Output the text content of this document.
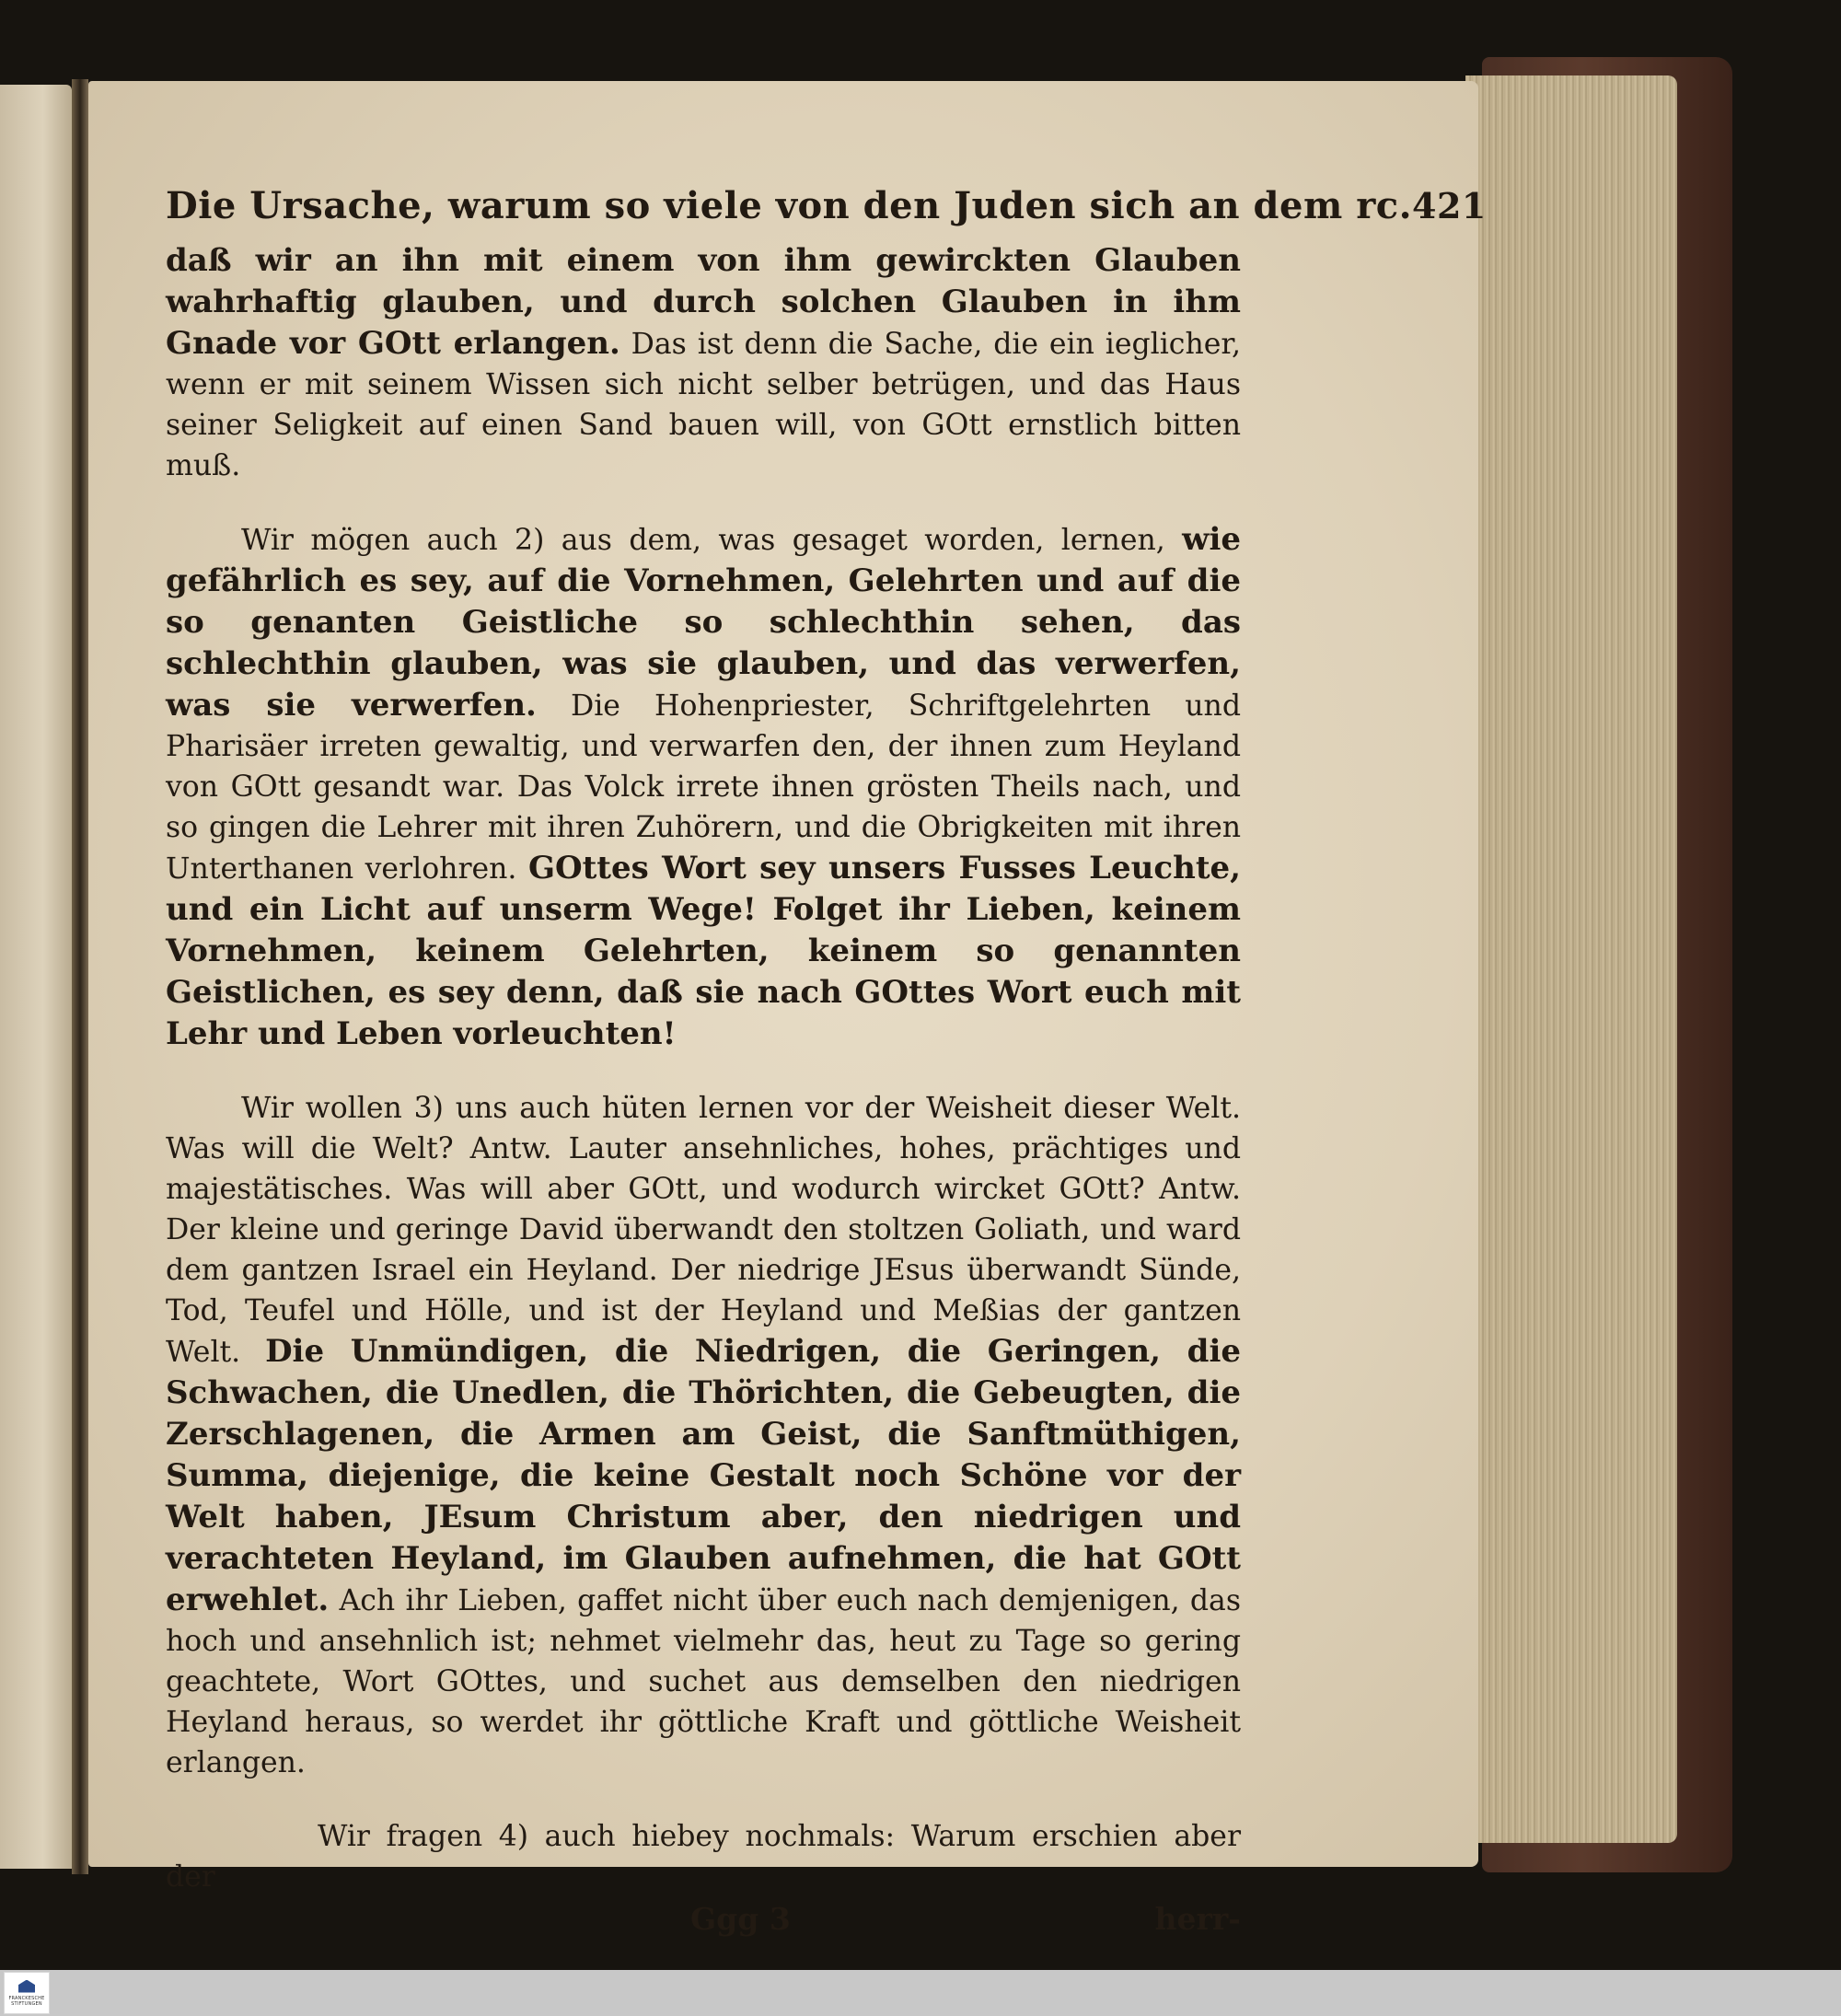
Die Ursache, warum so viele von den Juden sich an dem rc. 421

daß wir an ihn mit einem von ihm gewirckten Glauben wahrhaftig glauben, und durch solchen Glauben in ihm Gnade vor GOtt erlangen. Das ist denn die Sache, die ein ieglicher, wenn er mit seinem Wissen sich nicht selber betrügen, und das Haus seiner Seligkeit auf einen Sand bauen will, von GOtt ernstlich bitten muß.

Wir mögen auch 2) aus dem, was gesaget worden, lernen, wie gefährlich es sey, auf die Vornehmen, Gelehrten und auf die so genanten Geistliche so schlechthin sehen, das schlechthin glauben, was sie glauben, und das verwerfen, was sie verwerfen. Die Hohenpriester, Schriftgelehrten und Pharisäer irreten gewaltig, und verwarfen den, der ihnen zum Heyland von GOtt gesandt war. Das Volck irrete ihnen grösten Theils nach, und so gingen die Lehrer mit ihren Zuhörern, und die Obrigkeiten mit ihren Unterthanen verlohren. GOttes Wort sey unsers Fusses Leuchte, und ein Licht auf unserm Wege! Folget ihr Lieben, keinem Vornehmen, keinem Gelehrten, keinem so genannten Geistlichen, es sey denn, daß sie nach GOttes Wort euch mit Lehr und Leben vorleuchten!

Wir wollen 3) uns auch hüten lernen vor der Weisheit dieser Welt. Was will die Welt? Antw. Lauter ansehnliches, hohes, prächtiges und majestätisches. Was will aber GOtt, und wodurch wircket GOtt? Antw. Der kleine und geringe David überwandt den stoltzen Goliath, und ward dem gantzen Israel ein Heyland. Der niedrige JEsus überwandt Sünde, Tod, Teufel und Hölle, und ist der Heyland und Meßias der gantzen Welt. Die Unmündigen, die Niedrigen, die Geringen, die Schwachen, die Unedlen, die Thörichten, die Gebeugten, die Zerschlagenen, die Armen am Geist, die Sanftmüthigen, Summa, diejenige, die keine Gestalt noch Schöne vor der Welt haben, JEsum Christum aber, den niedrigen und verachteten Heyland, im Glauben aufnehmen, die hat GOtt erwehlet. Ach ihr Lieben, gaffet nicht über euch nach demjenigen, das hoch und ansehnlich ist; nehmet vielmehr das, heut zu Tage so gering geachtete, Wort GOttes, und suchet aus demselben den niedrigen Heyland heraus, so werdet ihr göttliche Kraft und göttliche Weisheit erlangen.

Wir fragen 4) auch hiebey nochmals: Warum erschien aber der

Ggg 3	herr-
FRANCKESCHE
STIFTUNGEN
